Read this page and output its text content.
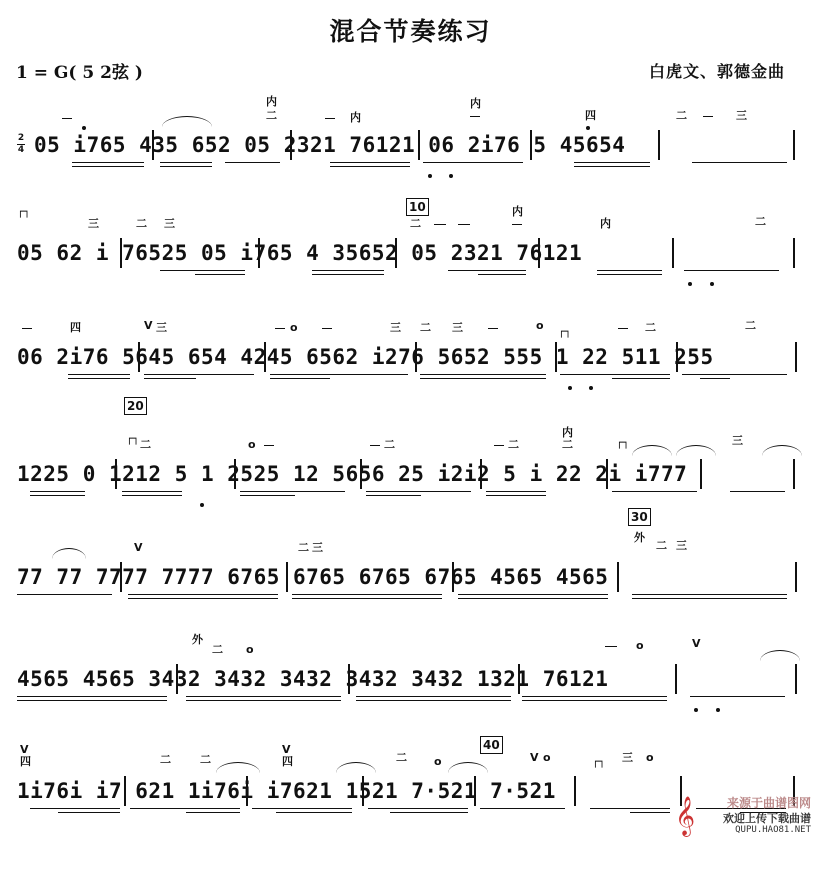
混合节奏练习
1 = G( 5 2弦 )	白虎文、郭德金曲
2
4 05 i765 435 652 05 2321 76121 06 2i76 5 45654
内
二	内
内
四	二	三
05 62 i 76525 05 i765 4 35652 05 2321 76121
10
三	二 三	二
内
内	二
┌┐
06 2i76 5645 654 4245 6562 i276 5652 555 1 22 511 255
四	V 三	o	三 二 三	o ┌┐	二	二
1225 0 1212 5 1 2525 12 5656 25 i2i2 5 i 22 2i i777
20
┌┐ 二	o	二	二
内
二	┌┐	三
77 77 7777 7777 6765 6765 6765 6765 4565 4565
30
V	二 三
外
二 三
4565 4565 3432 3432 3432 3432 3432 1321 76121
外
二 o	o	V
1i76i i7 621 1i76i i7621 1521 7·521 7·521
40
V
四	二	二
V
四	二 o	V o	┌┐ 三 o
𝄞	来源于曲谱图网
欢迎上传下载曲谱
QUPU.HAO81.NET
